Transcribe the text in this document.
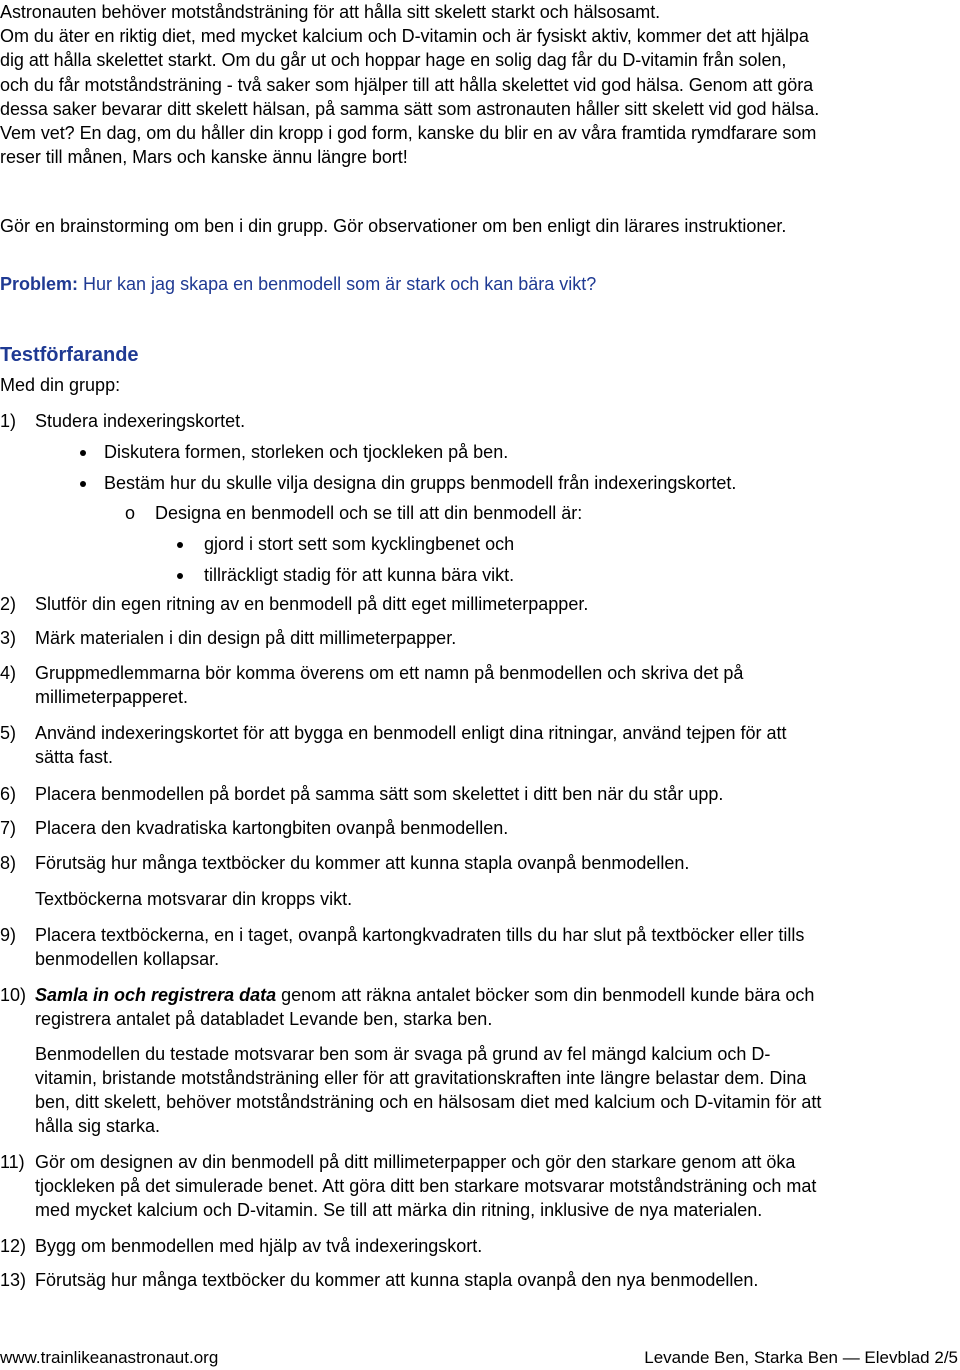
Astronauten behöver motståndsträning för att hålla sitt skelett starkt och hälsosamt.
Om du äter en riktig diet, med mycket kalcium och D-vitamin och är fysiskt aktiv, kommer det att hjälpa
dig att hålla skelettet starkt. Om du går ut och hoppar hage en solig dag får du D-vitamin från solen,
och du får motståndsträning - två saker som hjälper till att hålla skelettet vid god hälsa. Genom att göra
dessa saker bevarar ditt skelett hälsan, på samma sätt som astronauten håller sitt skelett vid god hälsa.
Vem vet? En dag, om du håller din kropp i god form, kanske du blir en av våra framtida rymdfarare som
reser till månen, Mars och kanske ännu längre bort!
Gör en brainstorming om ben i din grupp. Gör observationer om ben enligt din lärares instruktioner.
Problem: Hur kan jag skapa en benmodell som är stark och kan bära vikt?
Testförfarande
Med din grupp:
1) Studera indexeringskortet.
Diskutera formen, storleken och tjockleken på ben.
Bestäm hur du skulle vilja designa din grupps benmodell från indexeringskortet.
o Designa en benmodell och se till att din benmodell är:
gjord i stort sett som kycklingbenet och
tillräckligt stadig för att kunna bära vikt.
2) Slutför din egen ritning av en benmodell på ditt eget millimeterpapper.
3) Märk materialen i din design på ditt millimeterpapper.
4) Gruppmedlemmarna bör komma överens om ett namn på benmodellen och skriva det på
millimeterpapperet.
5) Använd indexeringskortet för att bygga en benmodell enligt dina ritningar, använd tejpen för att
sätta fast.
6) Placera benmodellen på bordet på samma sätt som skelettet i ditt ben när du står upp.
7) Placera den kvadratiska kartongbiten ovanpå benmodellen.
8) Förutsäg hur många textböcker du kommer att kunna stapla ovanpå benmodellen.
Textböckerna motsvarar din kropps vikt.
9) Placera textböckerna, en i taget, ovanpå kartongkvadraten tills du har slut på textböcker eller tills
benmodellen kollapsar.
10) Samla in och registrera data genom att räkna antalet böcker som din benmodell kunde bära och
registrera antalet på databladet Levande ben, starka ben.
Benmodellen du testade motsvarar ben som är svaga på grund av fel mängd kalcium och D-
vitamin, bristande motståndsträning eller för att gravitationskraften inte längre belastar dem. Dina
ben, ditt skelett, behöver motståndsträning och en hälsosam diet med kalcium och D-vitamin för att
hålla sig starka.
11) Gör om designen av din benmodell på ditt millimeterpapper och gör den starkare genom att öka
tjockleken på det simulerade benet. Att göra ditt ben starkare motsvarar motståndsträning och mat
med mycket kalcium och D-vitamin. Se till att märka din ritning, inklusive de nya materialen.
12) Bygg om benmodellen med hjälp av två indexeringskort.
13) Förutsäg hur många textböcker du kommer att kunna stapla ovanpå den nya benmodellen.
www.trainlikeanastronaut.org	Levande Ben, Starka Ben — Elevblad 2/5
